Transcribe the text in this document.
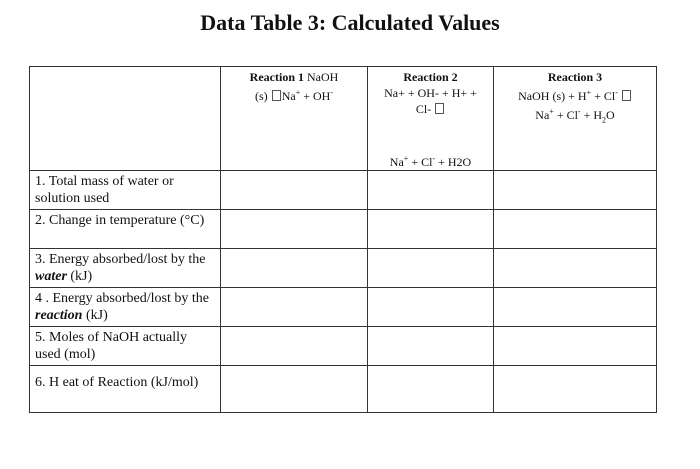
Data Table 3: Calculated Values
	Reaction 1 NaOH
(s) Na+ + OH-	Reaction 2
Na+ + OH- + H+ +
Cl-
Na+ + Cl- + H2O	Reaction 3
NaOH (s) + H+ + Cl-
$Na^+ + Cl^- + H_2O$
1. Total mass of water or solution used			
2. Change in temperature (°C)			
3. Energy absorbed/lost by the water (kJ)			
4 . Energy absorbed/lost by the reaction (kJ)			
5. Moles of NaOH actually used (mol)			
6. H eat of Reaction (kJ/mol)			
